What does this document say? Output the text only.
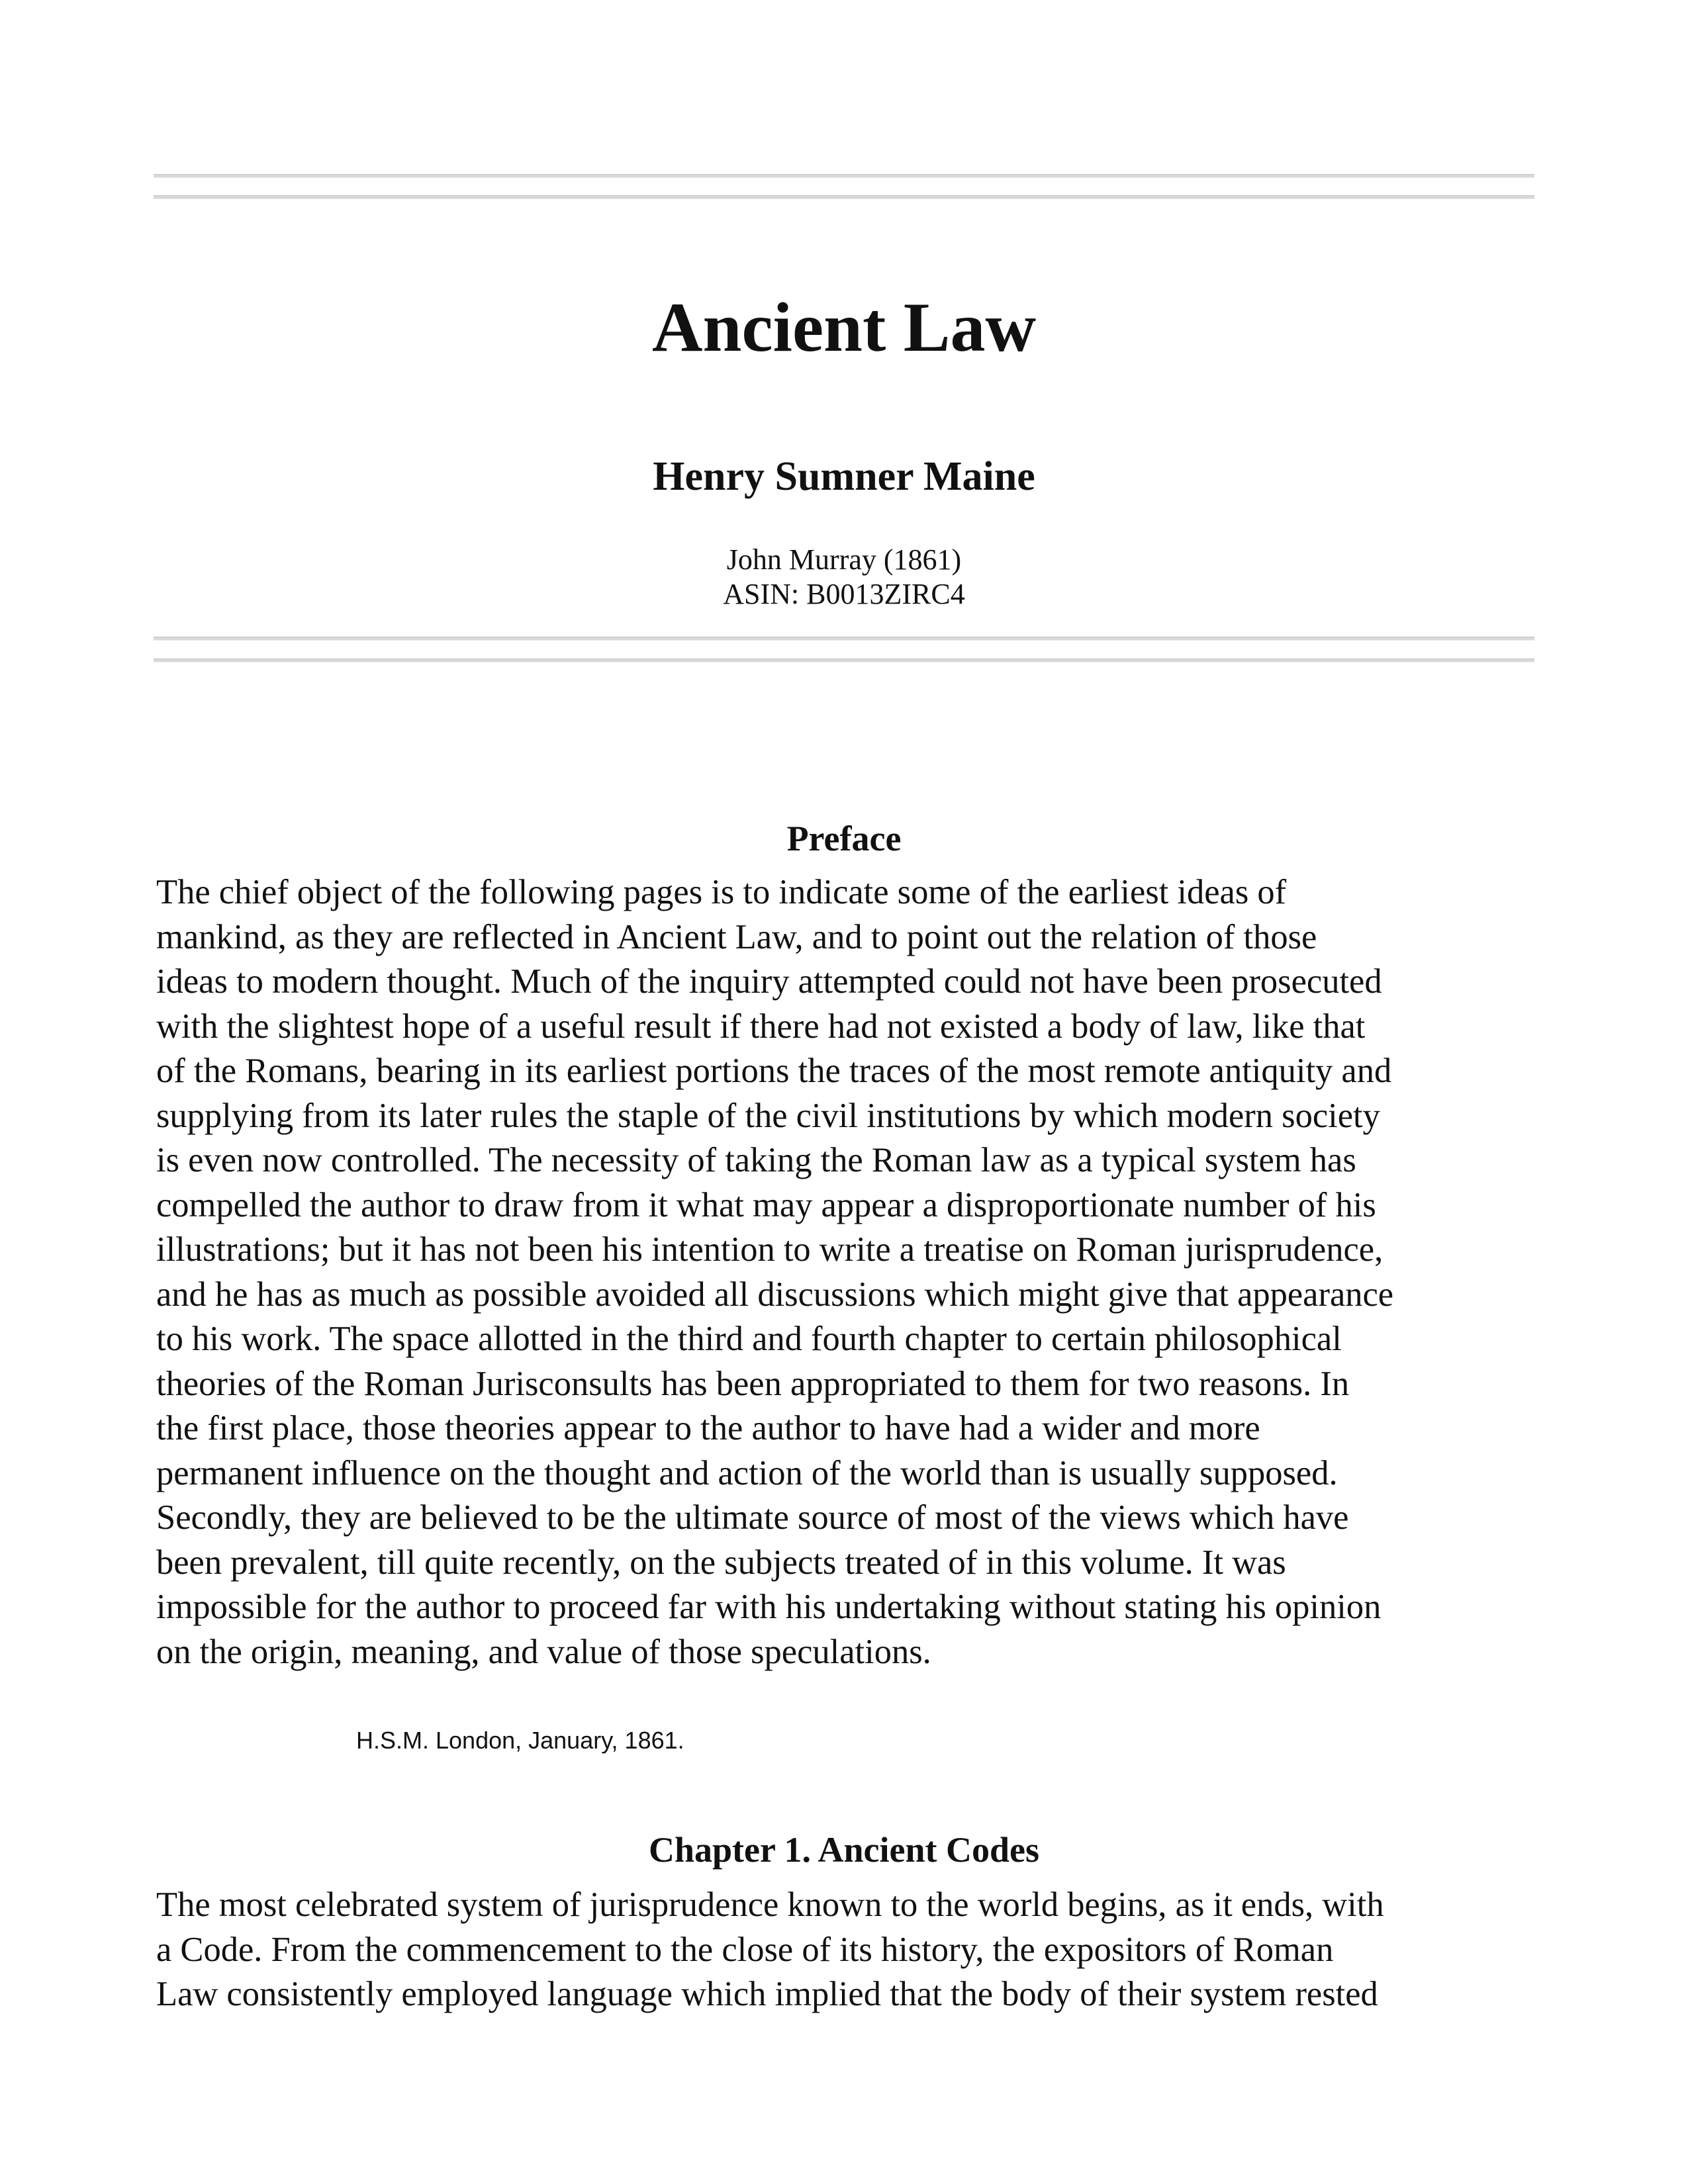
Ancient Law
Henry Sumner Maine
John Murray (1861)
ASIN: B0013ZIRC4
Preface
The chief object of the following pages is to indicate some of the earliest ideas of
mankind, as they are reflected in Ancient Law, and to point out the relation of those
ideas to modern thought. Much of the inquiry attempted could not have been prosecuted
with the slightest hope of a useful result if there had not existed a body of law, like that
of the Romans, bearing in its earliest portions the traces of the most remote antiquity and
supplying from its later rules the staple of the civil institutions by which modern society
is even now controlled. The necessity of taking the Roman law as a typical system has
compelled the author to draw from it what may appear a disproportionate number of his
illustrations; but it has not been his intention to write a treatise on Roman jurisprudence,
and he has as much as possible avoided all discussions which might give that appearance
to his work. The space allotted in the third and fourth chapter to certain philosophical
theories of the Roman Jurisconsults has been appropriated to them for two reasons. In
the first place, those theories appear to the author to have had a wider and more
permanent influence on the thought and action of the world than is usually supposed.
Secondly, they are believed to be the ultimate source of most of the views which have
been prevalent, till quite recently, on the subjects treated of in this volume. It was
impossible for the author to proceed far with his undertaking without stating his opinion
on the origin, meaning, and value of those speculations.

H.S.M. London, January, 1861.

Chapter 1. Ancient Codes
The most celebrated system of jurisprudence known to the world begins, as it ends, with
a Code. From the commencement to the close of its history, the expositors of Roman
Law consistently employed language which implied that the body of their system rested
